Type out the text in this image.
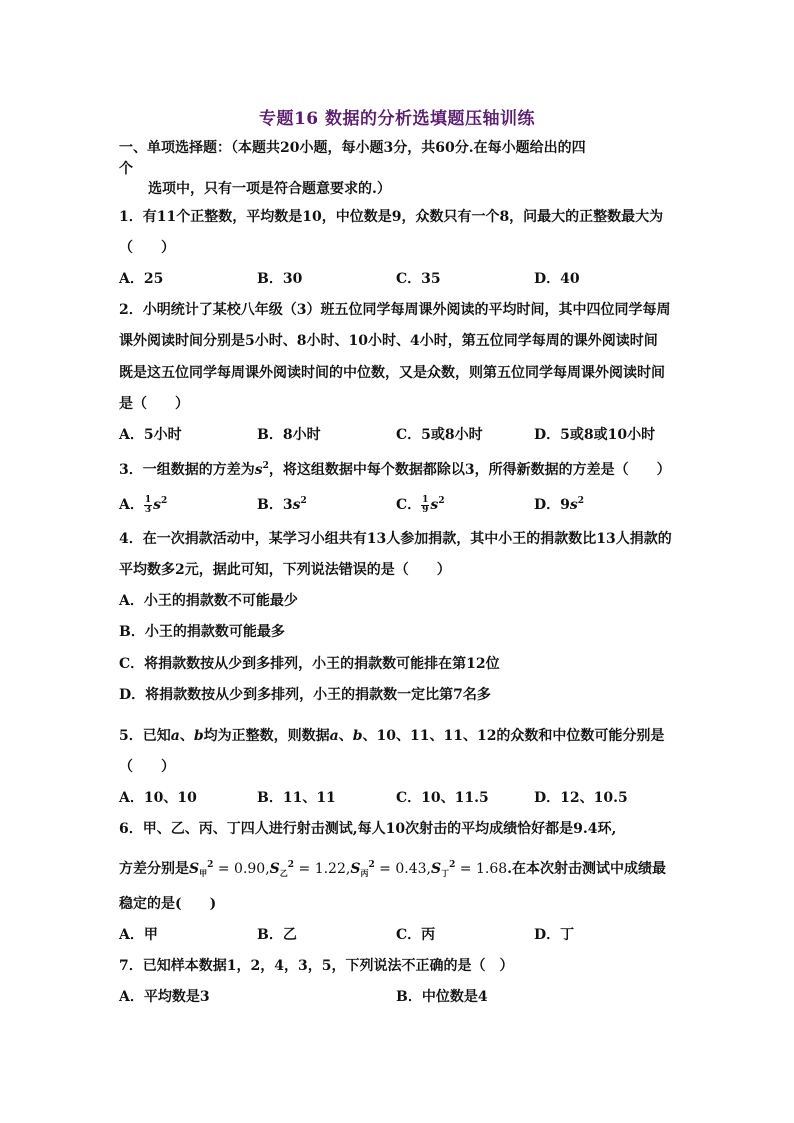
专题16 数据的分析选填题压轴训练
一、单项选择题：（本题共20小题，每小题3分，共60分.在每小题给出的四
个
选项中，只有一项是符合题意要求的.）
1．有11个正整数，平均数是10，中位数是9，众数只有一个8，问最大的正整数最大为
（　　）
A．25	B．30	C．35	D．40
2．小明统计了某校八年级（3）班五位同学每周课外阅读的平均时间，其中四位同学每周
课外阅读时间分别是5小时、8小时、10小时、4小时，第五位同学每周的课外阅读时间
既是这五位同学每周课外阅读时间的中位数，又是众数，则第五位同学每周课外阅读时间
是（　　）
A．5小时	B．8小时	C．5或8小时	D．5或8或10小时
3．一组数据的方差为$s^2$，将这组数据中每个数据都除以3，所得新数据的方差是（　　）
A． $\frac{1}{3} s^2$	B．$3s^2$	C． $\frac{1}{9} s^2$	D．$9s^2$
4．在一次捐款活动中，某学习小组共有13人参加捐款，其中小王的捐款数比13人捐款的
平均数多2元，据此可知，下列说法错误的是（　　）
A．小王的捐款数不可能最少
B．小王的捐款数可能最多
C．将捐款数按从少到多排列，小王的捐款数可能排在第12位
D．将捐款数按从少到多排列，小王的捐款数一定比第7名多
5．已知a、b均为正整数，则数据a、b、10、11、11、12的众数和中位数可能分别是
（　　）
A．10、10	B．11、11	C．10、11.5	D．12、10.5
6．甲、乙、丙、丁四人进行射击测试,每人10次射击的平均成绩恰好都是9.4环,
方差分别是$S_甲^2 = 0.90,S_乙^2 = 1.22,S_丙^2 = 0.43,S_丁^2 = 1.68$.在本次射击测试中成绩最
稳定的是(　　)
A．甲	B．乙	C．丙	D．丁
7．已知样本数据1，2，4，3，5，下列说法不正确的是（　）
A．平均数是3	B．中位数是4
